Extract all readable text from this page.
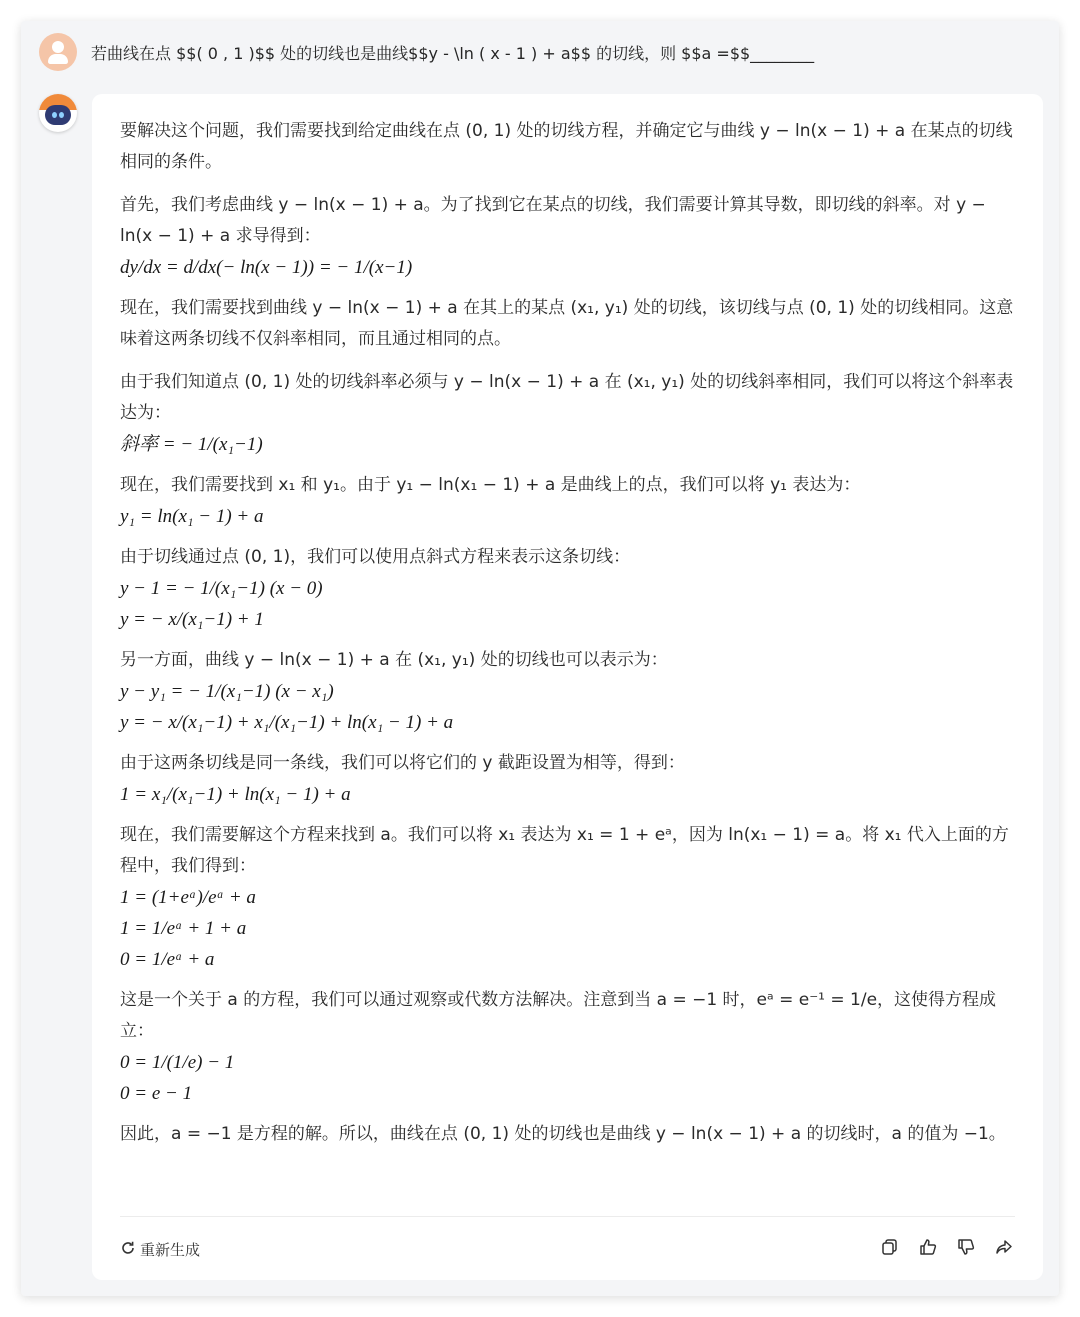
若曲线在点 $$( 0 , 1 )$$ 处的切线也是曲线$$y - \ln ( x - 1 ) + a$$ 的切线，则 $$a =$$________
要解决这个问题，我们需要找到给定曲线在点 (0, 1) 处的切线方程，并确定它与曲线 y − ln(x − 1) + a 在某点的切线相同的条件。
首先，我们考虑曲线 y − ln(x − 1) + a。为了找到它在某点的切线，我们需要计算其导数，即切线的斜率。对 y − ln(x − 1) + a 求导得到：
dy/dx = d/dx(− ln(x − 1)) = − 1/(x−1)
现在，我们需要找到曲线 y − ln(x − 1) + a 在其上的某点 (x₁, y₁) 处的切线，该切线与点 (0, 1) 处的切线相同。这意味着这两条切线不仅斜率相同，而且通过相同的点。
由于我们知道点 (0, 1) 处的切线斜率必须与 y − ln(x − 1) + a 在 (x₁, y₁) 处的切线斜率相同，我们可以将这个斜率表达为：
斜率 = − 1/(x₁−1)
现在，我们需要找到 x₁ 和 y₁。由于 y₁ − ln(x₁ − 1) + a 是曲线上的点，我们可以将 y₁ 表达为：
y₁ = ln(x₁ − 1) + a
由于切线通过点 (0, 1)，我们可以使用点斜式方程来表示这条切线：
y − 1 = − 1/(x₁−1) (x − 0)
y = − x/(x₁−1) + 1
另一方面，曲线 y − ln(x − 1) + a 在 (x₁, y₁) 处的切线也可以表示为：
y − y₁ = − 1/(x₁−1) (x − x₁)
y = − x/(x₁−1) + x₁/(x₁−1) + ln(x₁ − 1) + a
由于这两条切线是同一条线，我们可以将它们的 y 截距设置为相等，得到：
1 = x₁/(x₁−1) + ln(x₁ − 1) + a
现在，我们需要解这个方程来找到 a。我们可以将 x₁ 表达为 x₁ = 1 + eᵃ，因为 ln(x₁ − 1) = a。将 x₁ 代入上面的方程中，我们得到：
1 = (1+eᵃ)/eᵃ + a
1 = 1/eᵃ + 1 + a
0 = 1/eᵃ + a
这是一个关于 a 的方程，我们可以通过观察或代数方法解决。注意到当 a = −1 时，eᵃ = e⁻¹ = 1/e，这使得方程成立：
0 = 1/(1/e) − 1
0 = e − 1
因此，a = −1 是方程的解。所以，曲线在点 (0, 1) 处的切线也是曲线 y − ln(x − 1) + a 的切线时，a 的值为 −1。
重新生成
